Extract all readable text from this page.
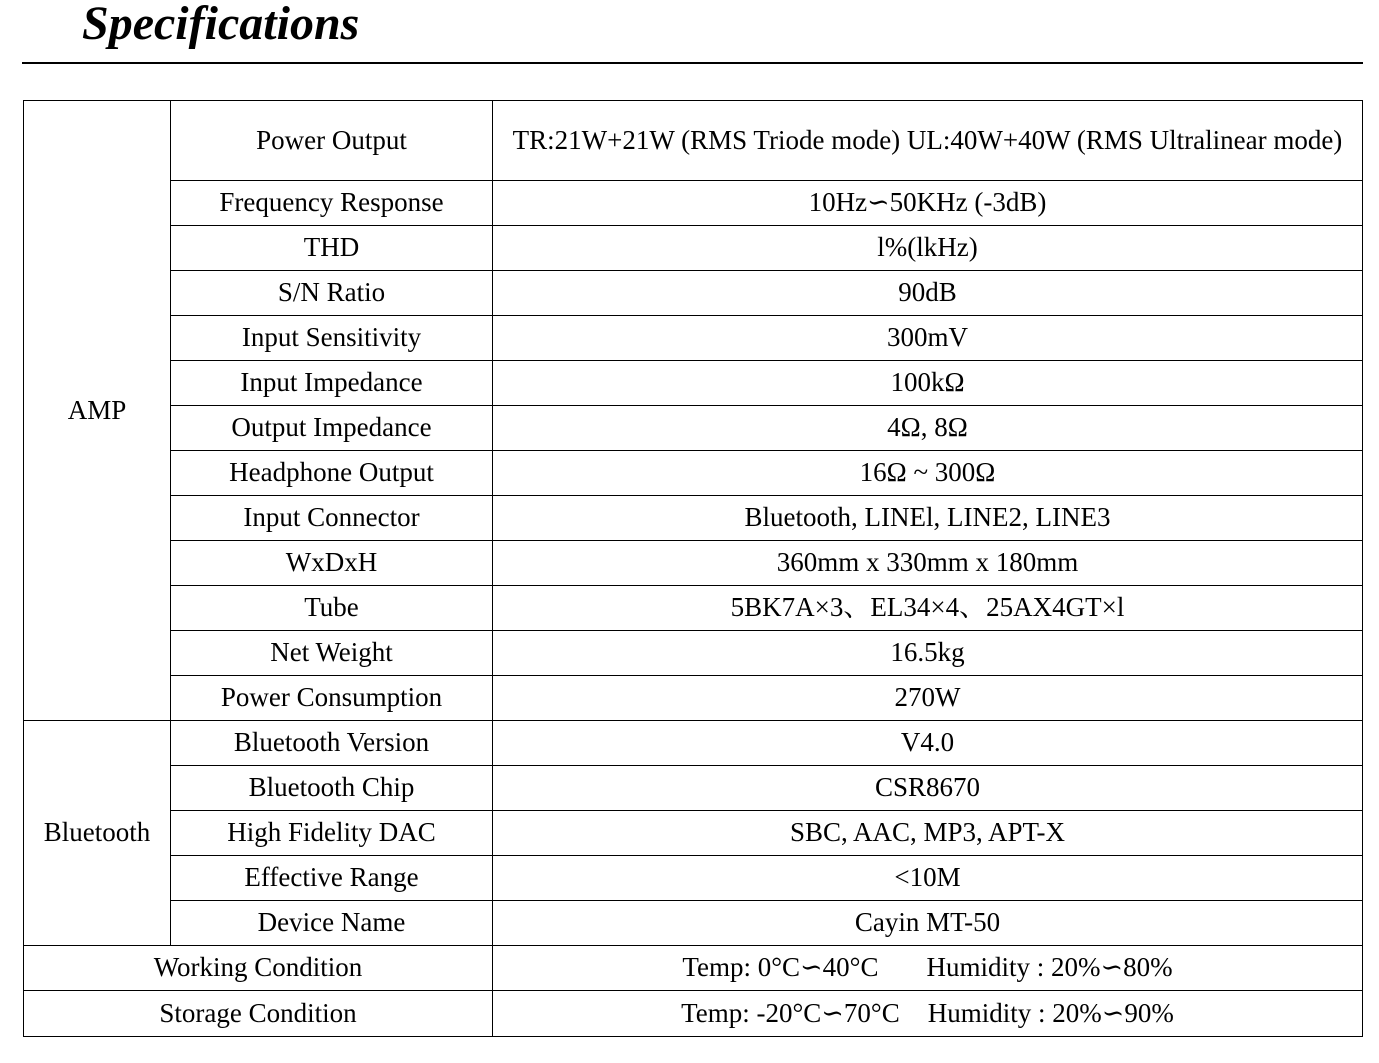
Specifications
AMP	Power Output	TR:21W+21W (RMS Triode mode) UL:40W+40W (RMS Ultralinear mode)
	Frequency Response	10Hz∽50KHz (-3dB)
	THD	l%(lkHz)
	S/N Ratio	90dB
	Input Sensitivity	300mV
	Input Impedance	100kΩ
	Output Impedance	4Ω, 8Ω
	Headphone Output	16Ω ~ 300Ω
	Input Connector	Bluetooth, LINEl, LINE2, LINE3
	WxDxH	360mm x 330mm x 180mm
	Tube	5BK7A×3、EL34×4、25AX4GT×l
	Net Weight	16.5kg
	Power Consumption	270W
Bluetooth	Bluetooth Version	V4.0
	Bluetooth Chip	CSR8670
	High Fidelity DAC	SBC, AAC, MP3, APT-X
	Effective Range	<10M
	Device Name	Cayin MT-50
Working Condition		Temp: 0°C∽40°C Humidity : 20%∽80%
Storage Condition		Temp: -20°C∽70°C Humidity : 20%∽90%
